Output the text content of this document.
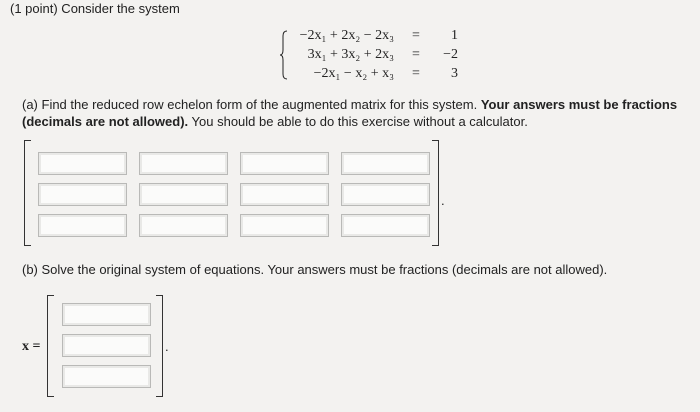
(1 point) Consider the system
−2x₁ + 2x₂ − 2x₃ = 1
3x₁ + 3x₂ + 2x₃ = −2
−2x₁ − x₂ + x₃ = 3
(a) Find the reduced row echelon form of the augmented matrix for this system. Your answers must be fractions (decimals are not allowed). You should be able to do this exercise without a calculator.
.
(b) Solve the original system of equations. Your answers must be fractions (decimals are not allowed).
x =	.
